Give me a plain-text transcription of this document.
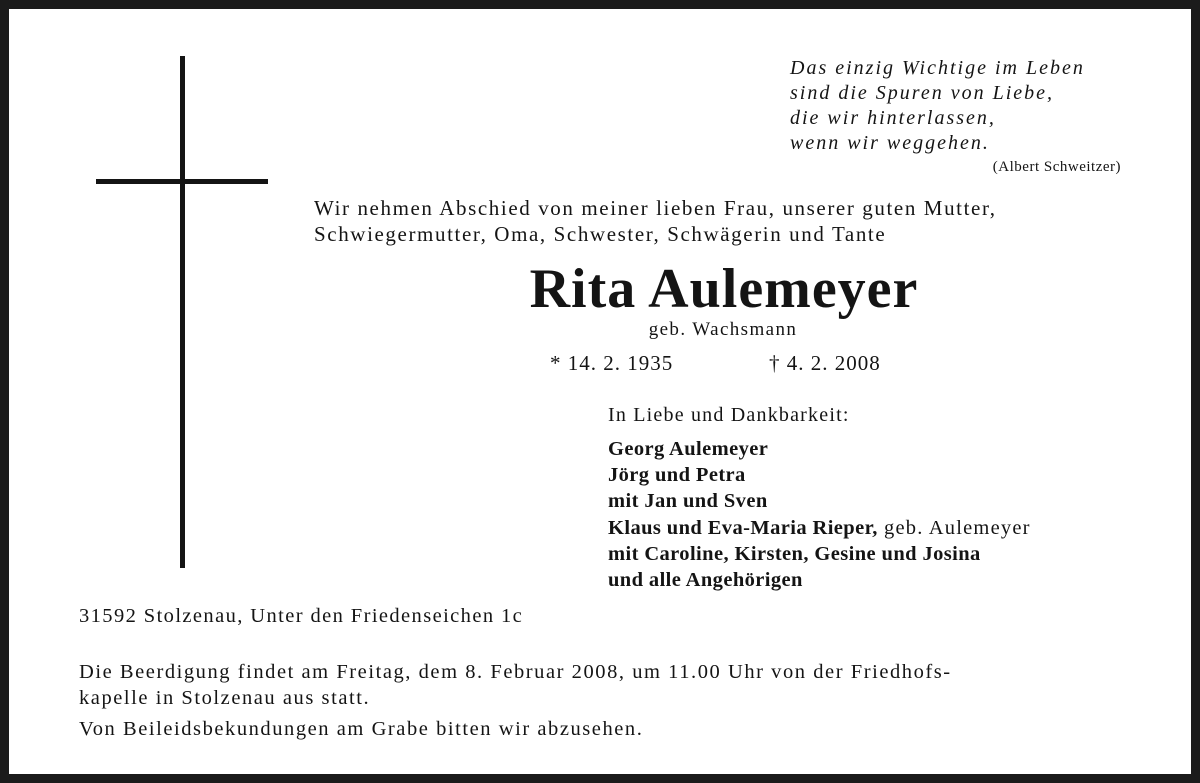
Das einzig Wichtige im Leben
sind die Spuren von Liebe,
die wir hinterlassen,
wenn wir weggehen.
(Albert Schweitzer)
Wir nehmen Abschied von meiner lieben Frau, unserer guten Mutter,
Schwiegermutter, Oma, Schwester, Schwägerin und Tante
Rita Aulemeyer
geb. Wachsmann
* 14. 2. 1935	† 4. 2. 2008
In Liebe und Dankbarkeit:
Georg Aulemeyer
Jörg und Petra
mit Jan und Sven
Klaus und Eva-Maria Rieper, geb. Aulemeyer
mit Caroline, Kirsten, Gesine und Josina
und alle Angehörigen
31592 Stolzenau, Unter den Friedenseichen 1c
Die Beerdigung findet am Freitag, dem 8. Februar 2008, um 11.00 Uhr von der Friedhofs-
kapelle in Stolzenau aus statt.
Von Beileidsbekundungen am Grabe bitten wir abzusehen.
